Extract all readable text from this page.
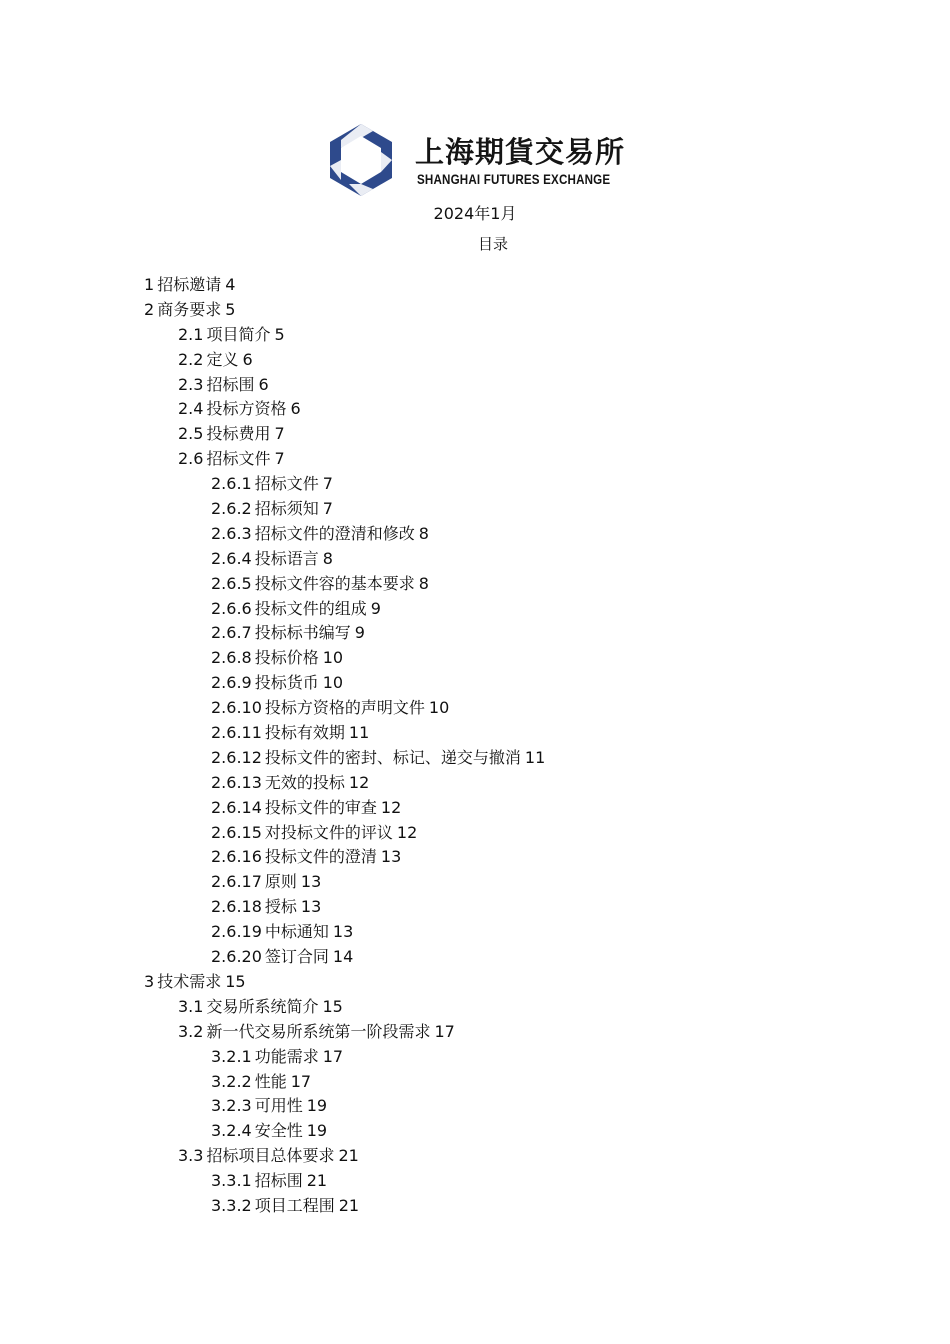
上海期貨交易所
SHANGHAI FUTURES EXCHANGE
2024年1月
目录
1 招标邀请 4
2 商务要求 5
2.1 项目简介 5
2.2 定义 6
2.3 招标围 6
2.4 投标方资格 6
2.5 投标费用 7
2.6 招标文件 7
2.6.1 招标文件 7
2.6.2 招标须知 7
2.6.3 招标文件的澄清和修改 8
2.6.4 投标语言 8
2.6.5 投标文件容的基本要求 8
2.6.6 投标文件的组成 9
2.6.7 投标标书编写 9
2.6.8 投标价格 10
2.6.9 投标货币 10
2.6.10 投标方资格的声明文件 10
2.6.11 投标有效期 11
2.6.12 投标文件的密封、标记、递交与撤消 11
2.6.13 无效的投标 12
2.6.14 投标文件的审查 12
2.6.15 对投标文件的评议 12
2.6.16 投标文件的澄清 13
2.6.17 原则 13
2.6.18 授标 13
2.6.19 中标通知 13
2.6.20 签订合同 14
3 技术需求 15
3.1 交易所系统简介 15
3.2 新一代交易所系统第一阶段需求 17
3.2.1 功能需求 17
3.2.2 性能 17
3.2.3 可用性 19
3.2.4 安全性 19
3.3 招标项目总体要求 21
3.3.1 招标围 21
3.3.2 项目工程围 21
